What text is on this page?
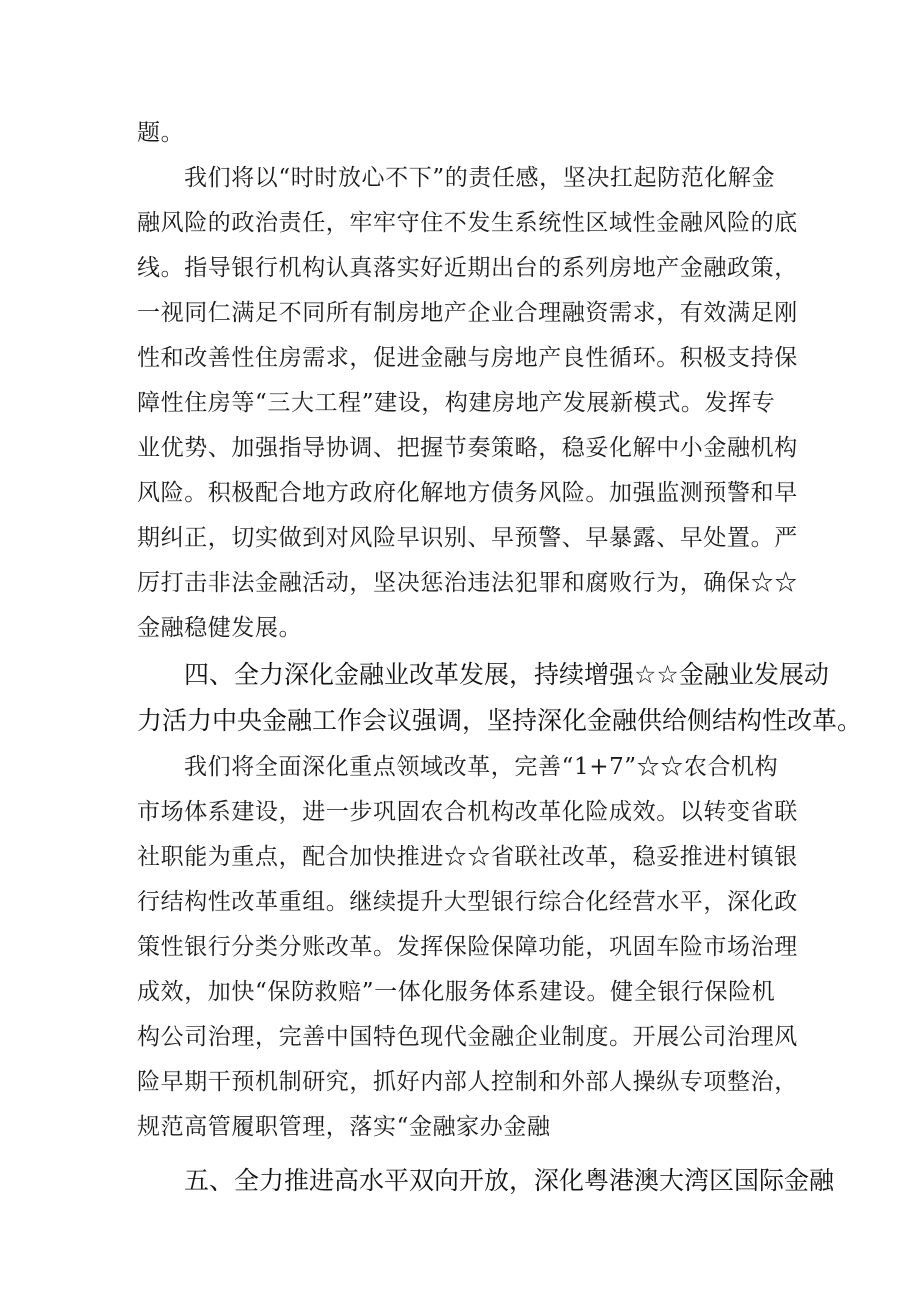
题。
我们将以“时时放心不下”的责任感，坚决扛起防范化解金
融风险的政治责任，牢牢守住不发生系统性区域性金融风险的底
线。指导银行机构认真落实好近期出台的系列房地产金融政策，
一视同仁满足不同所有制房地产企业合理融资需求，有效满足刚
性和改善性住房需求，促进金融与房地产良性循环。积极支持保
障性住房等“三大工程”建设，构建房地产发展新模式。发挥专
业优势、加强指导协调、把握节奏策略，稳妥化解中小金融机构
风险。积极配合地方政府化解地方债务风险。加强监测预警和早
期纠正，切实做到对风险早识别、早预警、早暴露、早处置。严
厉打击非法金融活动，坚决惩治违法犯罪和腐败行为，确保☆☆
金融稳健发展。
四、全力深化金融业改革发展，持续增强☆☆金融业发展动
力活力中央金融工作会议强调，坚持深化金融供给侧结构性改革。
我们将全面深化重点领域改革，完善“1+7”☆☆农合机构
市场体系建设，进一步巩固农合机构改革化险成效。以转变省联
社职能为重点，配合加快推进☆☆省联社改革，稳妥推进村镇银
行结构性改革重组。继续提升大型银行综合化经营水平，深化政
策性银行分类分账改革。发挥保险保障功能，巩固车险市场治理
成效，加快“保防救赔”一体化服务体系建设。健全银行保险机
构公司治理，完善中国特色现代金融企业制度。开展公司治理风
险早期干预机制研究，抓好内部人控制和外部人操纵专项整治，
规范高管履职管理，落实“金融家办金融
五、全力推进高水平双向开放，深化粤港澳大湾区国际金融
